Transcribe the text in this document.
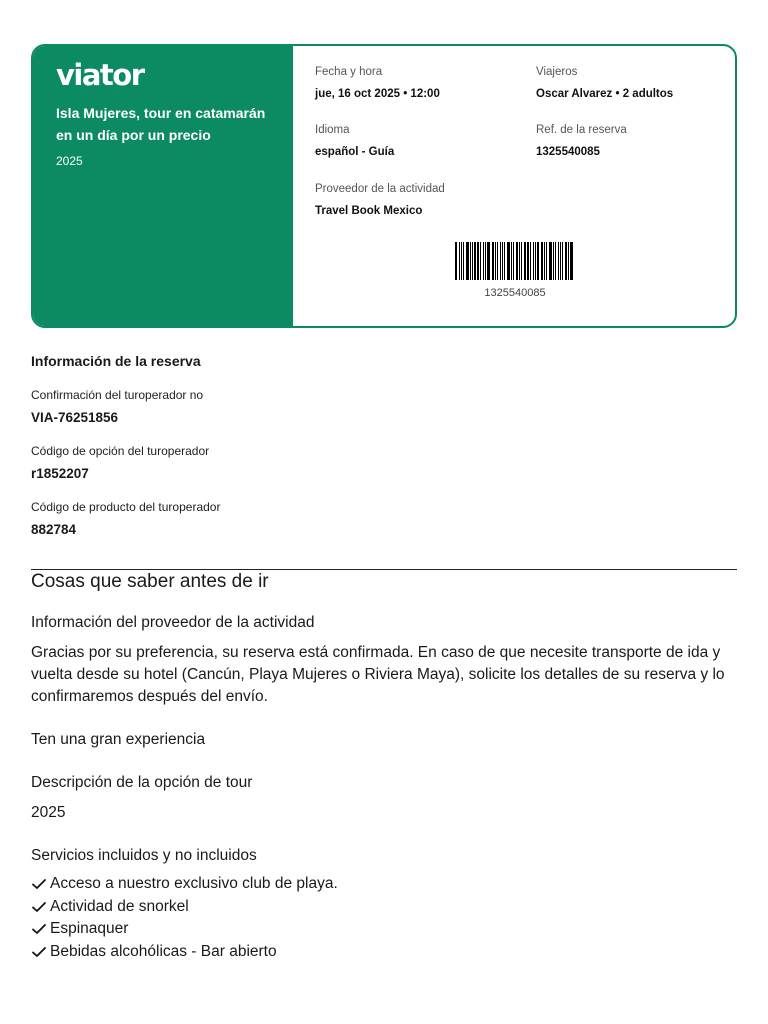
viator
Isla Mujeres, tour en catamarán en un día por un precio
2025
Fecha y hora
jue, 16 oct 2025 • 12:00
Viajeros
Oscar Alvarez • 2 adultos
Idioma
español - Guía
Ref. de la reserva
1325540085
Proveedor de la actividad
Travel Book Mexico
1325540085
Información de la reserva
Confirmación del turoperador no
VIA-76251856
Código de opción del turoperador
r1852207
Código de producto del turoperador
882784
Cosas que saber antes de ir
Información del proveedor de la actividad
Gracias por su preferencia, su reserva está confirmada. En caso de que necesite transporte de ida y vuelta desde su hotel (Cancún, Playa Mujeres o Riviera Maya), solicite los detalles de su reserva y lo confirmaremos después del envío.
Ten una gran experiencia
Descripción de la opción de tour
2025
Servicios incluidos y no incluidos
Acceso a nuestro exclusivo club de playa.
Actividad de snorkel
Espinaquer
Bebidas alcohólicas - Bar abierto
